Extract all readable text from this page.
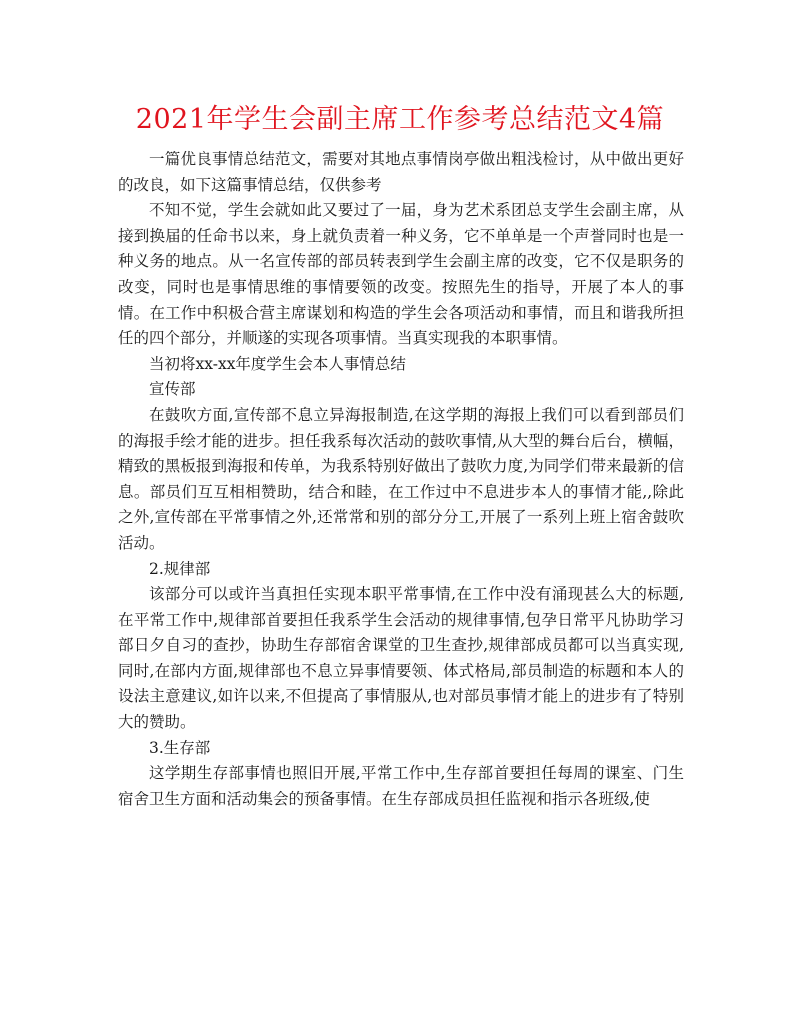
2021年学生会副主席工作参考总结范文4篇

一篇优良事情总结范文，需要对其地点事情岗亭做出粗浅检讨，从中做出更好的改良，如下这篇事情总结，仅供参考

不知不觉，学生会就如此又要过了一届，身为艺术系团总支学生会副主席，从接到换届的任命书以来，身上就负责着一种义务，它不单单是一个声誉同时也是一种义务的地点。从一名宣传部的部员转表到学生会副主席的改变，它不仅是职务的改变，同时也是事情思维的事情要领的改变。按照先生的指导，开展了本人的事情。在工作中积极合营主席谋划和构造的学生会各项活动和事情，而且和谐我所担任的四个部分，并顺遂的实现各项事情。当真实现我的本职事情。

当初将xx-xx年度学生会本人事情总结

宣传部

在鼓吹方面,宣传部不息立异海报制造,在这学期的海报上我们可以看到部员们的海报手绘才能的进步。担任我系每次活动的鼓吹事情,从大型的舞台后台，横幅，精致的黑板报到海报和传单，为我系特别好做出了鼓吹力度,为同学们带来最新的信息。部员们互互相相赞助，结合和睦，在工作过中不息进步本人的事情才能,,除此之外,宣传部在平常事情之外,还常常和别的部分分工,开展了一系列上班上宿舍鼓吹活动。

2.规律部

该部分可以或许当真担任实现本职平常事情,在工作中没有涌现甚么大的标题,在平常工作中,规律部首要担任我系学生会活动的规律事情,包孕日常平凡协助学习部日夕自习的查抄，协助生存部宿舍课堂的卫生查抄,规律部成员都可以当真实现,同时,在部内方面,规律部也不息立异事情要领、体式格局,部员制造的标题和本人的设法主意建议,如许以来,不但提高了事情服从,也对部员事情才能上的进步有了特别大的赞助。

3.生存部

这学期生存部事情也照旧开展,平常工作中,生存部首要担任每周的课室、门生宿舍卫生方面和活动集会的预备事情。在生存部成员担任监视和指示各班级,使
